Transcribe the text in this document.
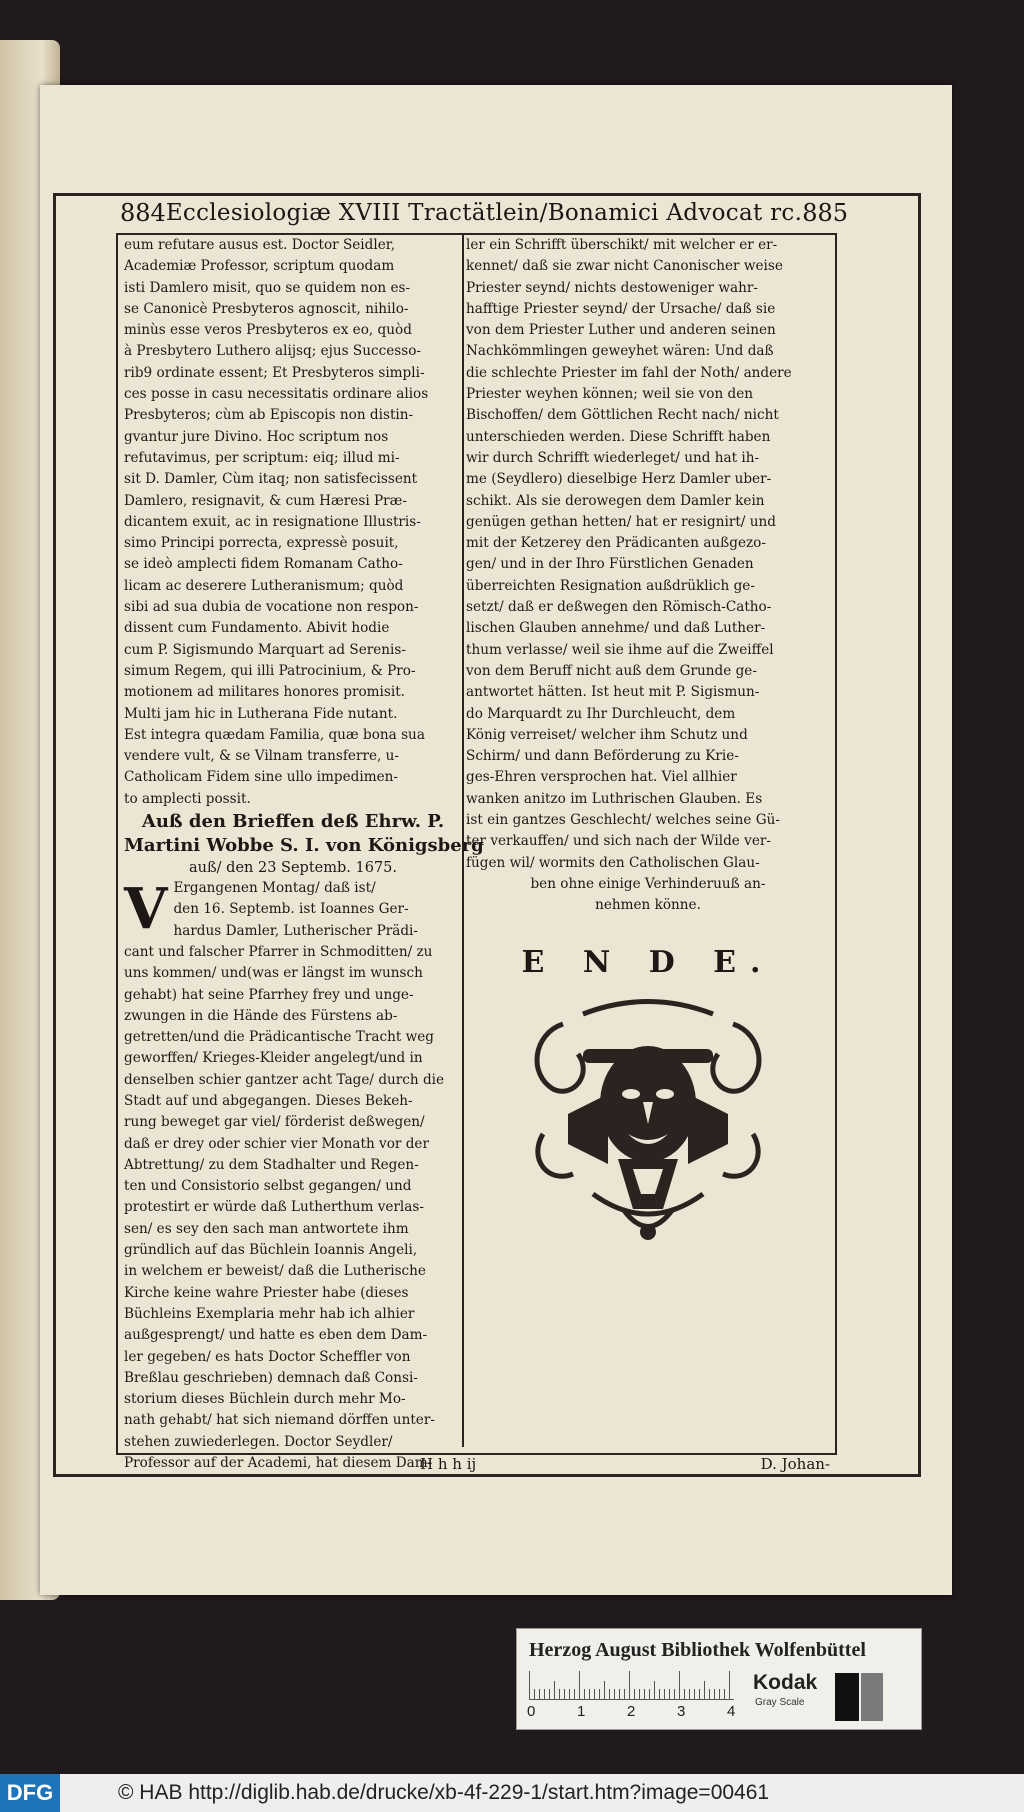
884 Ecclesiologiæ XVIII Tractätlein/Bonamici Advocat rc. 885

eum refutare ausus est. Doctor Seidler,

Academiæ Professor, scriptum quodam

isti Damlero misit, quo se quidem non es-

se Canonicè Presbyteros agnoscit, nihilo-

minùs esse veros Presbyteros ex eo, quòd

à Presbytero Luthero alijsq; ejus Successo-

rib9 ordinate essent; Et Presbyteros simpli-

ces posse in casu necessitatis ordinare alios

Presbyteros; cùm ab Episcopis non distin-

gvantur jure Divino. Hoc scriptum nos

refutavimus, per scriptum: eiq; illud mi-

sit D. Damler, Cùm itaq; non satisfecissent

Damlero, resignavit, & cum Hæresi Præ-

dicantem exuit, ac in resignatione Illustris-

simo Principi porrecta, expressè posuit,

se ideò amplecti fidem Romanam Catho-

licam ac deserere Lutheranismum; quòd

sibi ad sua dubia de vocatione non respon-

dissent cum Fundamento. Abivit hodie

cum P. Sigismundo Marquart ad Serenis-

simum Regem, qui illi Patrocinium, & Pro-

motionem ad militares honores promisit.

Multi jam hic in Lutherana Fide nutant.

Est integra quædam Familia, quæ bona sua

vendere vult, & se Vilnam transferre, u-

Catholicam Fidem sine ullo impedimen-

to amplecti possit.

Auß den Brieffen deß Ehrw. P.

Martini Wobbe S. I. von Königsberg

auß/ den 23 Septemb. 1675.

V Ergangenen Montag/ daß ist/

den 16. Septemb. ist Ioannes Ger-

hardus Damler, Lutherischer Prädi-

cant und falscher Pfarrer in Schmoditten/ zu

uns kommen/ und(was er längst im wunsch

gehabt) hat seine Pfarrhey frey und unge-

zwungen in die Hände des Fürstens ab-

getretten/und die Prädicantische Tracht weg

geworffen/ Krieges-Kleider angelegt/und in

denselben schier gantzer acht Tage/ durch die

Stadt auf und abgegangen. Dieses Bekeh-

rung beweget gar viel/ förderist deßwegen/

daß er drey oder schier vier Monath vor der

Abtrettung/ zu dem Stadhalter und Regen-

ten und Consistorio selbst gegangen/ und

protestirt er würde daß Lutherthum verlas-

sen/ es sey den sach man antwortete ihm

gründlich auf das Büchlein Ioannis Angeli,

in welchem er beweist/ daß die Lutherische

Kirche keine wahre Priester habe (dieses

Büchleins Exemplaria mehr hab ich alhier

außgesprengt/ und hatte es eben dem Dam-

ler gegeben/ es hats Doctor Scheffler von

Breßlau geschrieben) demnach daß Consi-

storium dieses Büchlein durch mehr Mo-

nath gehabt/ hat sich niemand dörffen unter-

stehen zuwiederlegen. Doctor Seydler/

Professor auf der Academi, hat diesem Dam-

ler ein Schrifft überschikt/ mit welcher er er-

kennet/ daß sie zwar nicht Canonischer weise

Priester seynd/ nichts destoweniger wahr-

hafftige Priester seynd/ der Ursache/ daß sie

von dem Priester Luther und anderen seinen

Nachkömmlingen geweyhet wären: Und daß

die schlechte Priester im fahl der Noth/ andere

Priester weyhen können; weil sie von den

Bischoffen/ dem Göttlichen Recht nach/ nicht

unterschieden werden. Diese Schrifft haben

wir durch Schrifft wiederleget/ und hat ih-

me (Seydlero) dieselbige Herz Damler uber-

schikt. Als sie derowegen dem Damler kein

genügen gethan hetten/ hat er resignirt/ und

mit der Ketzerey den Prädicanten außgezo-

gen/ und in der Ihro Fürstlichen Genaden

überreichten Resignation außdrüklich ge-

setzt/ daß er deßwegen den Römisch-Catho-

lischen Glauben annehme/ und daß Luther-

thum verlasse/ weil sie ihme auf die Zweiffel

von dem Beruff nicht auß dem Grunde ge-

antwortet hätten. Ist heut mit P. Sigismun-

do Marquardt zu Ihr Durchleucht, dem

König verreiset/ welcher ihm Schutz und

Schirm/ und dann Beförderung zu Krie-

ges-Ehren versprochen hat. Viel allhier

wanken anitzo im Luthrischen Glauben. Es

ist ein gantzes Geschlecht/ welches seine Gü-

ter verkauffen/ und sich nach der Wilde ver-

fügen wil/ wormits den Catholischen Glau-

ben ohne einige Verhinderuuß an-

nehmen könne.

E N D E.
H h h ij	D. Johan-
Herzog August Bibliothek Wolfenbüttel
0	1	2	3	4
Kodak
Gray Scale
DFG	© HAB http://diglib.hab.de/drucke/xb-4f-229-1/start.htm?image=00461
